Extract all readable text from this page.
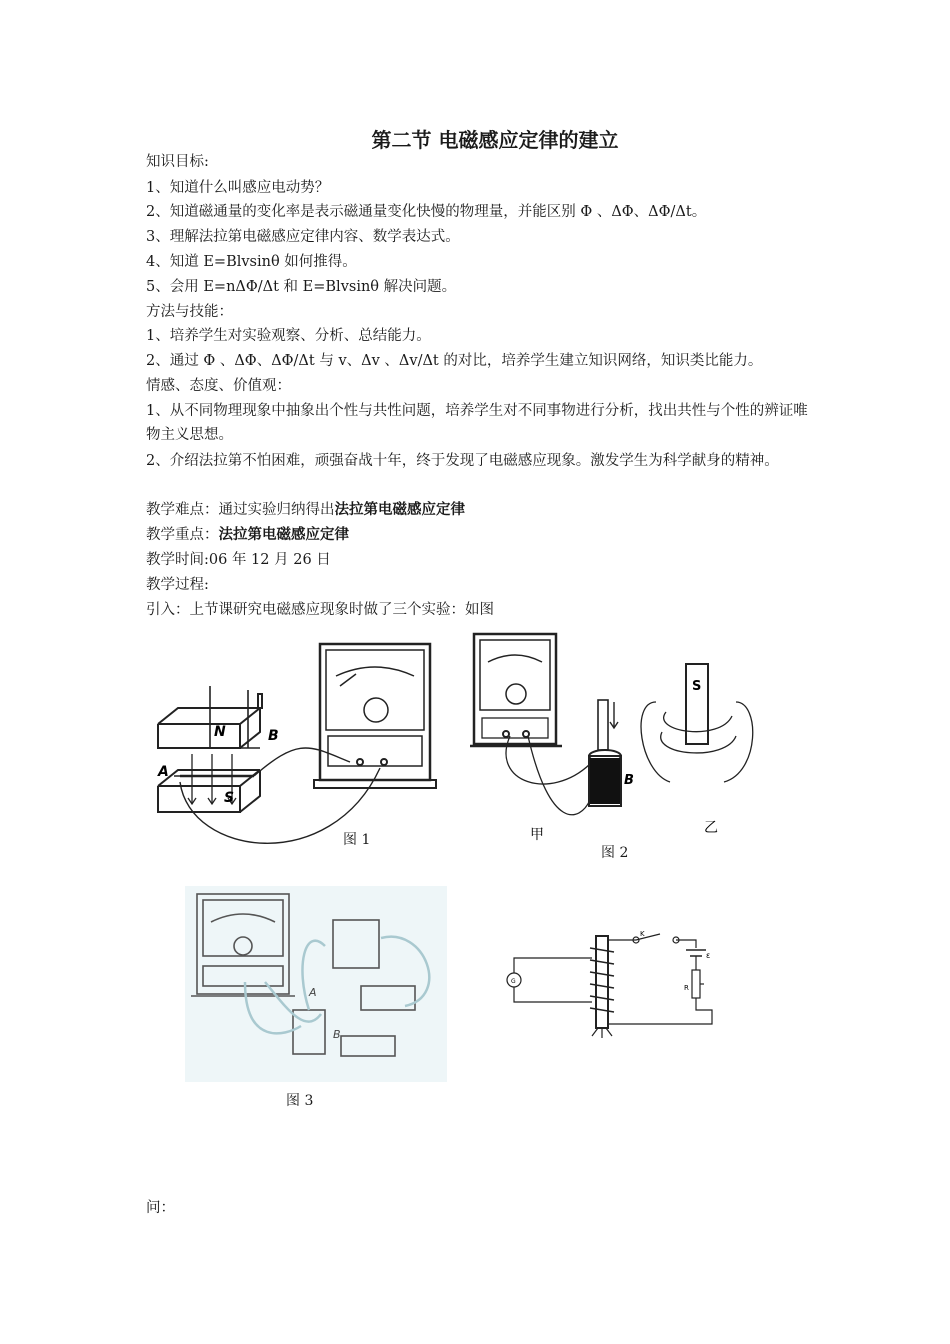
第二节 电磁感应定律的建立
知识目标:
1、知道什么叫感应电动势？
2、知道磁通量的变化率是表示磁通量变化快慢的物理量，并能区别 Φ 、ΔΦ、ΔΦ/Δt。
3、理解法拉第电磁感应定律内容、数学表达式。
4、知道 E=Blvsinθ 如何推得。
5、会用 E=nΔΦ/Δt 和 E=Blvsinθ 解决问题。
方法与技能：
1、培养学生对实验观察、分析、总结能力。
2、通过 Φ 、ΔΦ、ΔΦ/Δt 与 v、Δv 、Δv/Δt 的对比，培养学生建立知识网络，知识类比能力。
情感、态度、价值观：
1、从不同物理现象中抽象出个性与共性问题，培养学生对不同事物进行分析，找出共性与个性的辨证唯物主义思想。
2、介绍法拉第不怕困难，顽强奋战十年，终于发现了电磁感应现象。激发学生为科学献身的精神。
教学难点：通过实验归纳得出法拉第电磁感应定律
教学重点：法拉第电磁感应定律
教学时间:06 年 12 月 26 日
教学过程:
引入：上节课研究电磁感应现象时做了三个实验：如图
N
S
A
B
图 1
S
B
甲	乙
图 2
A
B
图 3
K
ε
R
G
问：
